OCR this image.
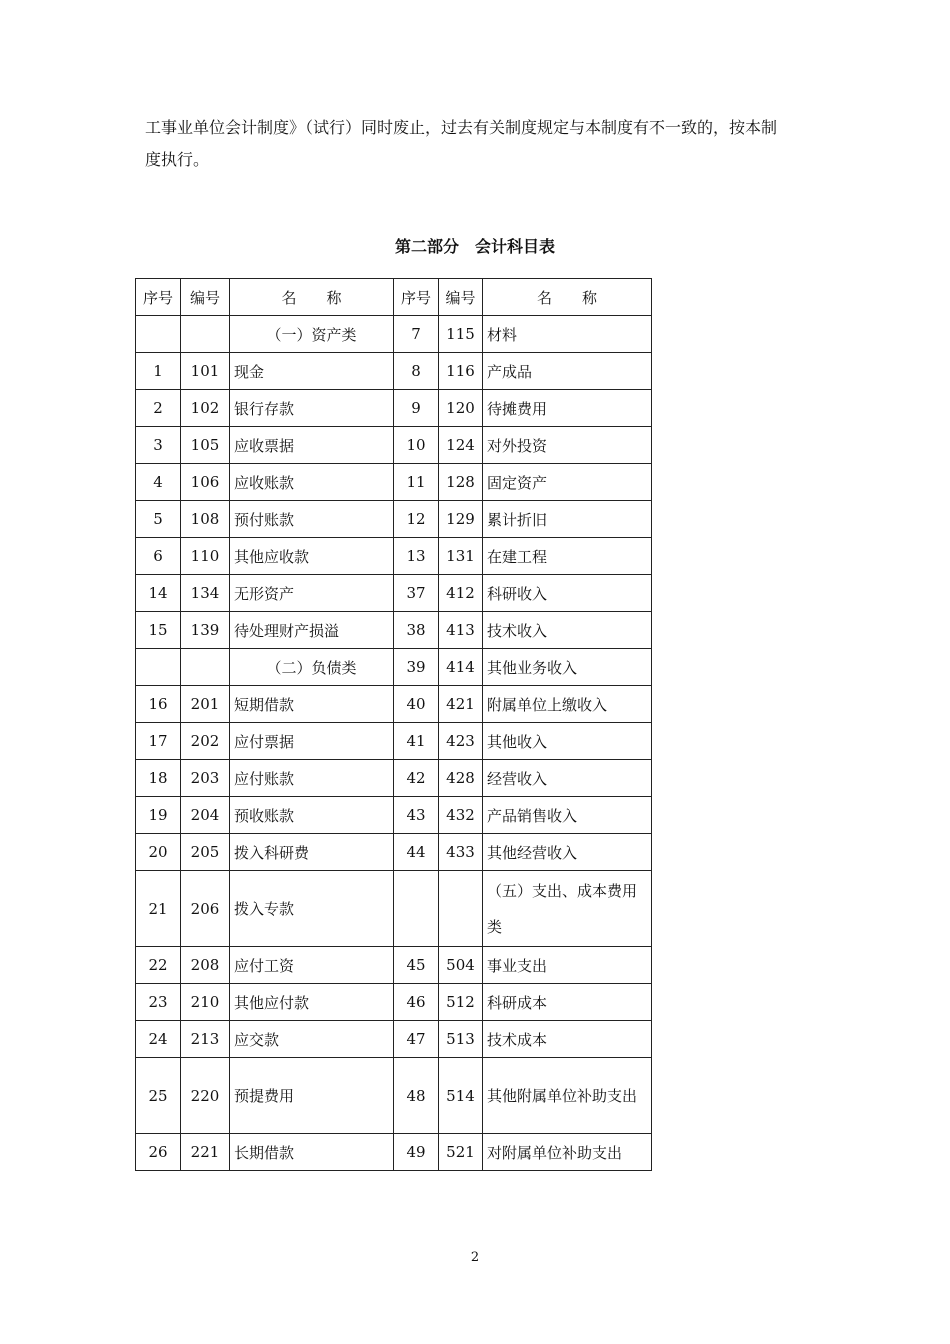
工事业单位会计制度》（试行）同时废止，过去有关制度规定与本制度有不一致的，按本制
度执行。

第二部分　会计科目表
序号	编号	名　　称	序号	编号	名　　称
		（一）资产类	7	115	材料
1	101	现金	8	116	产成品
2	102	银行存款	9	120	待摊费用
3	105	应收票据	10	124	对外投资
4	106	应收账款	11	128	固定资产
5	108	预付账款	12	129	累计折旧
6	110	其他应收款	13	131	在建工程
14	134	无形资产	37	412	科研收入
15	139	待处理财产损溢	38	413	技术收入
		（二）负债类	39	414	其他业务收入
16	201	短期借款	40	421	附属单位上缴收入
17	202	应付票据	41	423	其他收入
18	203	应付账款	42	428	经营收入
19	204	预收账款	43	432	产品销售收入
20	205	拨入科研费	44	433	其他经营收入
21	206	拨入专款			（五）支出、成本费用类
22	208	应付工资	45	504	事业支出
23	210	其他应付款	46	512	科研成本
24	213	应交款	47	513	技术成本
25	220	预提费用	48	514	其他附属单位补助支出
26	221	长期借款	49	521	对附属单位补助支出
2
